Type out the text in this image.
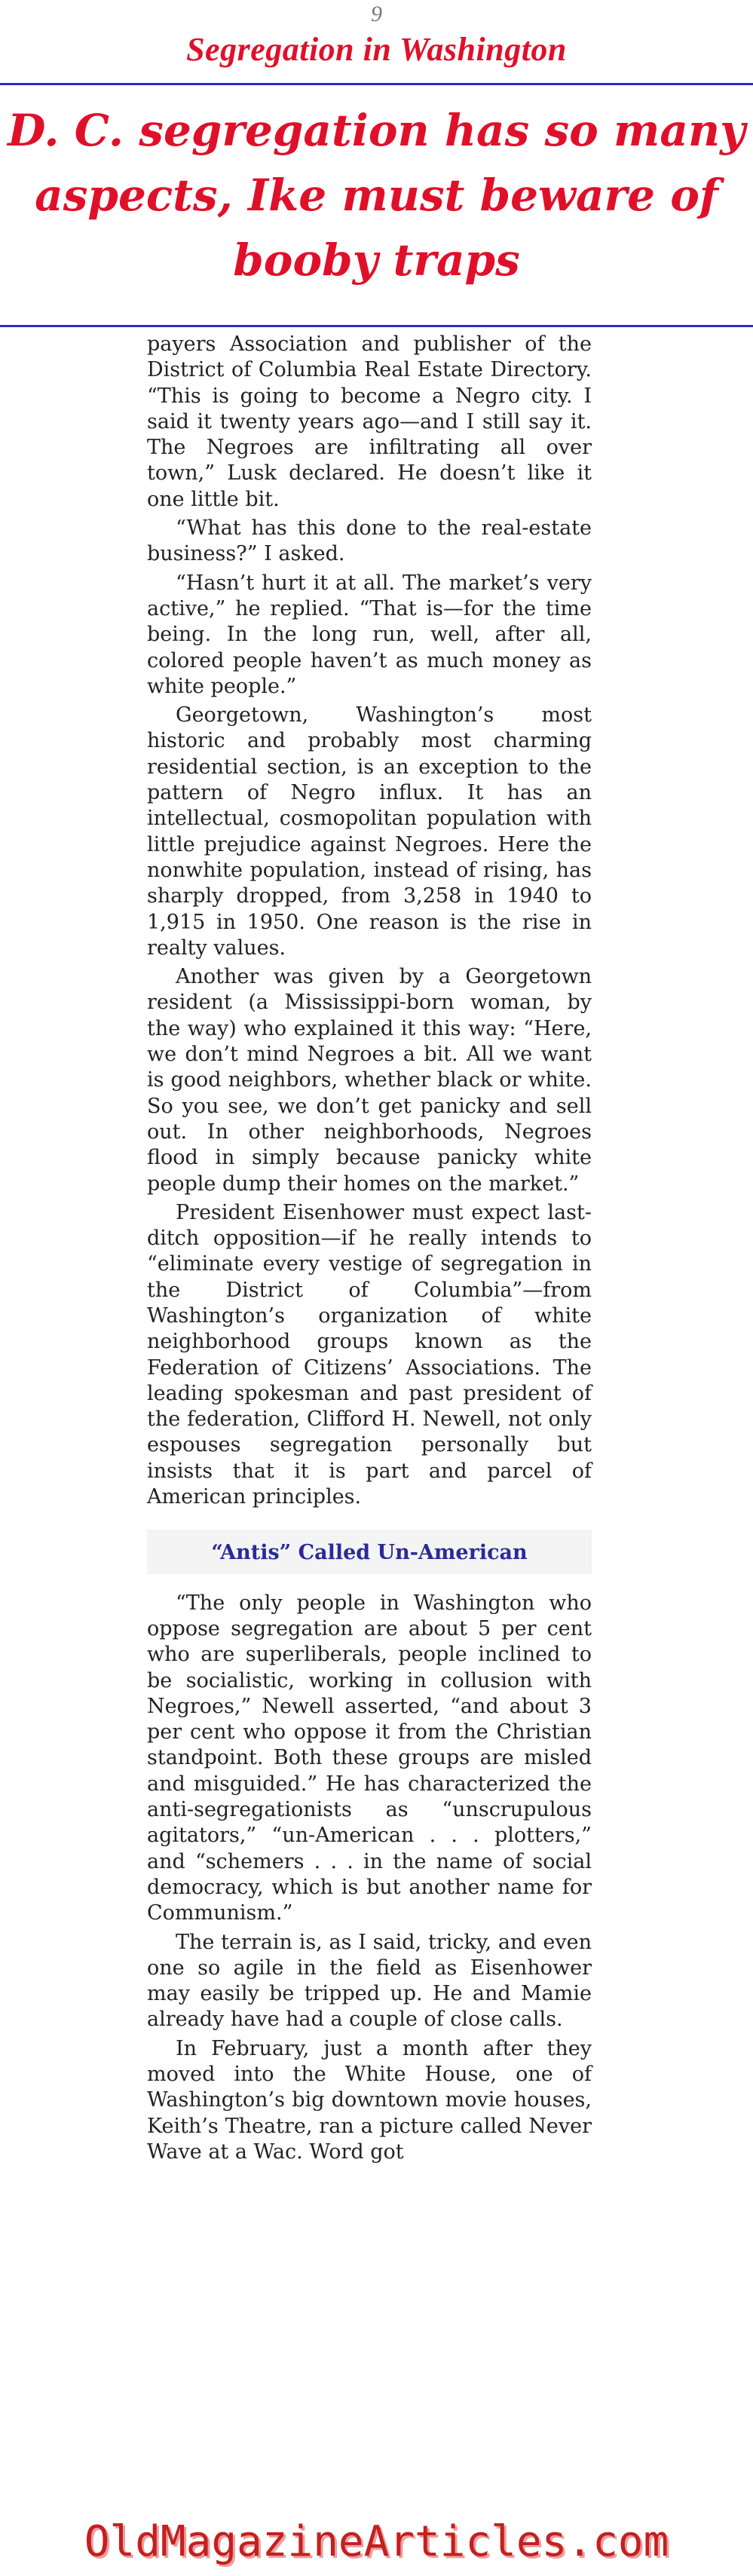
9
Segregation in Washington
D. C. segregation has so many
aspects, Ike must beware of
booby traps

payers Association and publisher of the District of Columbia Real Estate Directory. “This is going to become a Negro city. I said it twenty years ago—and I still say it. The Negroes are infiltrating all over town,” Lusk declared. He doesn’t like it one little bit.

“What has this done to the real-estate business?” I asked.

“Hasn’t hurt it at all. The market’s very active,” he replied. “That is—for the time being. In the long run, well, after all, colored people haven’t as much money as white people.”

Georgetown, Washington’s most historic and probably most charming residential section, is an exception to the pattern of Negro influx. It has an intellectual, cosmopolitan population with little prejudice against Negroes. Here the nonwhite population, instead of rising, has sharply dropped, from 3,258 in 1940 to 1,915 in 1950. One reason is the rise in realty values.

Another was given by a Georgetown resident (a Mississippi-born woman, by the way) who explained it this way: “Here, we don’t mind Negroes a bit. All we want is good neighbors, whether black or white. So you see, we don’t get panicky and sell out. In other neighborhoods, Negroes flood in simply because panicky white people dump their homes on the market.”

President Eisenhower must expect last-ditch opposition—if he really intends to “eliminate every vestige of segregation in the District of Columbia”—from Washington’s organization of white neighborhood groups known as the Federation of Citizens’ Associations. The leading spokesman and past president of the federation, Clifford H. Newell, not only espouses segregation personally but insists that it is part and parcel of American principles.

“Antis” Called Un-American

“The only people in Washington who oppose segregation are about 5 per cent who are superliberals, people inclined to be socialistic, working in collusion with Negroes,” Newell asserted, “and about 3 per cent who oppose it from the Christian standpoint. Both these groups are misled and misguided.” He has characterized the anti-segregationists as “unscrupulous agitators,” “un-American . . . plotters,” and “schemers . . . in the name of social democracy, which is but another name for Communism.”

The terrain is, as I said, tricky, and even one so agile in the field as Eisenhower may easily be tripped up. He and Mamie already have had a couple of close calls.

In February, just a month after they moved into the White House, one of Washington’s big downtown movie houses, Keith’s Theatre, ran a picture called Never Wave at a Wac. Word got

OldMagazineArticles.com
